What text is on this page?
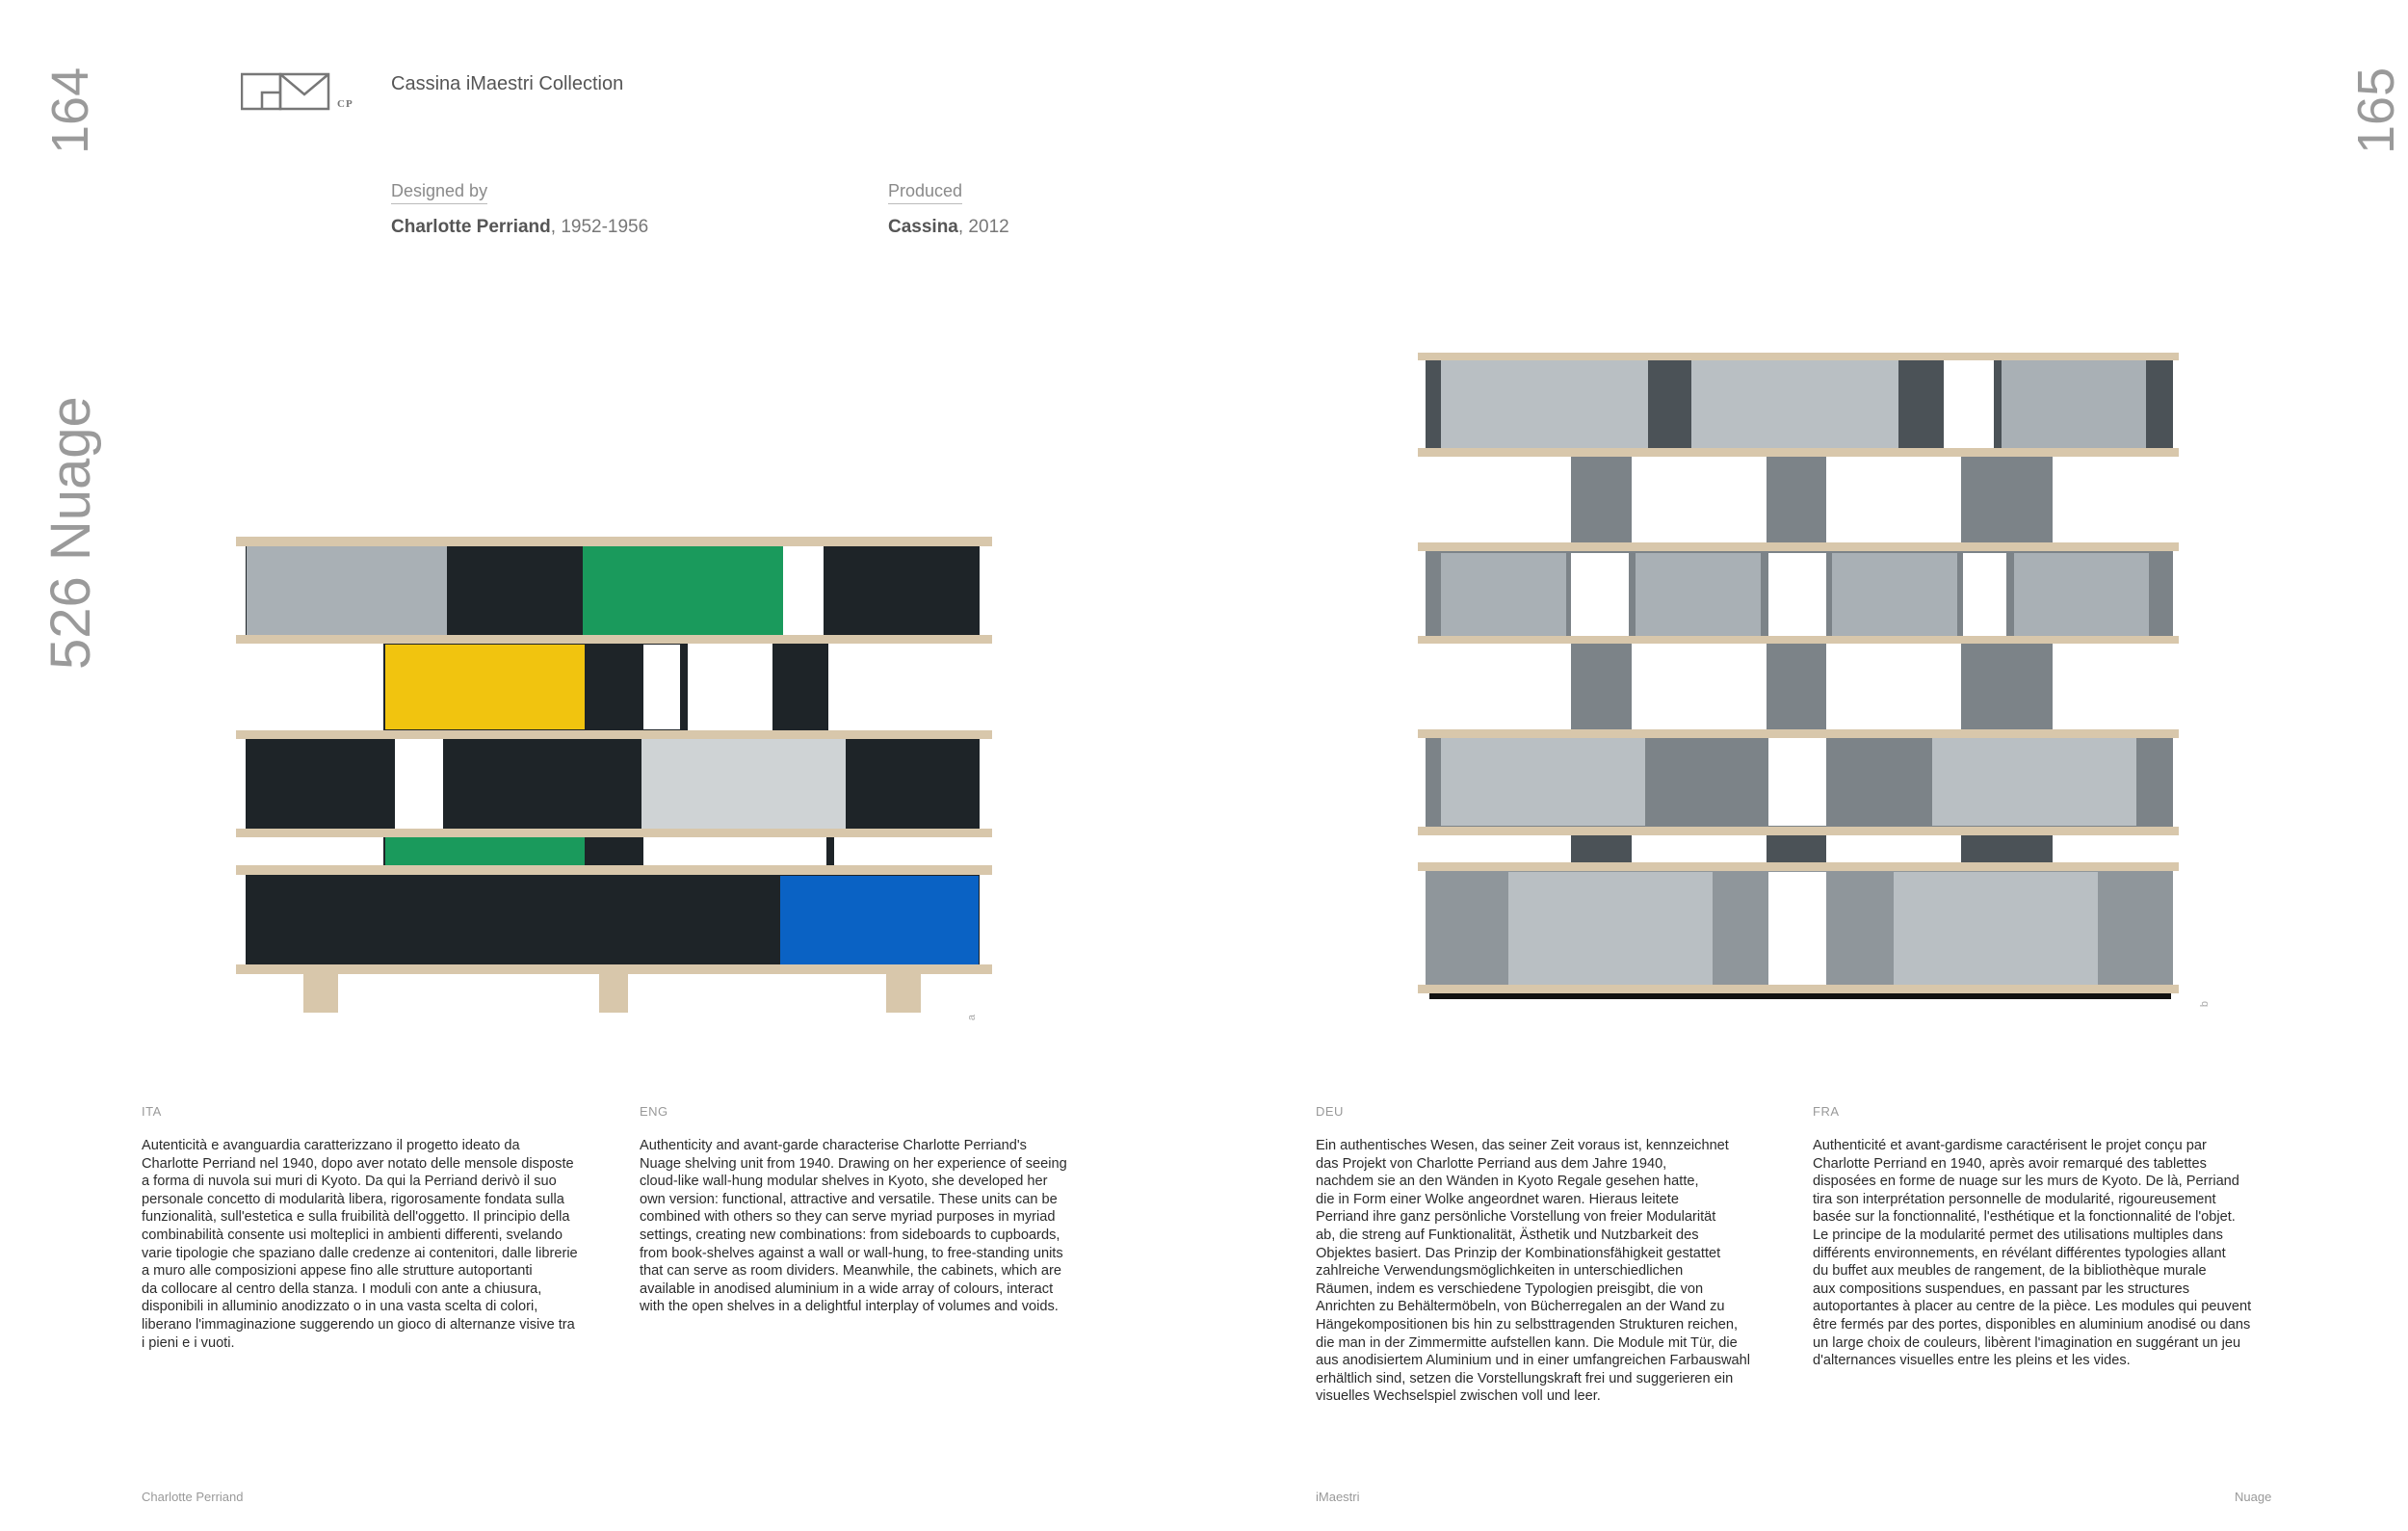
164	165
526 Nuage
CP
Cassina iMaestri Collection
Designed by
Charlotte Perriand, 1952-1956
Produced
Cassina, 2012
a
b
ITA
Autenticità e avanguardia caratterizzano il progetto ideato da
Charlotte Perriand nel 1940, dopo aver notato delle mensole disposte
a forma di nuvola sui muri di Kyoto. Da qui la Perriand derivò il suo
personale concetto di modularità libera, rigorosamente fondata sulla
funzionalità, sull'estetica e sulla fruibilità dell'oggetto. Il principio della
combinabilità consente usi molteplici in ambienti differenti, svelando
varie tipologie che spaziano dalle credenze ai contenitori, dalle librerie
a muro alle composizioni appese fino alle strutture autoportanti
da collocare al centro della stanza. I moduli con ante a chiusura,
disponibili in alluminio anodizzato o in una vasta scelta di colori,
liberano l'immaginazione suggerendo un gioco di alternanze visive tra
i pieni e i vuoti.
ENG
Authenticity and avant-garde characterise Charlotte Perriand's
Nuage shelving unit from 1940. Drawing on her experience of seeing
cloud-like wall-hung modular shelves in Kyoto, she developed her
own version: functional, attractive and versatile. These units can be
combined with others so they can serve myriad purposes in myriad
settings, creating new combinations: from sideboards to cupboards,
from book-shelves against a wall or wall-hung, to free-standing units
that can serve as room dividers. Meanwhile, the cabinets, which are
available in anodised aluminium in a wide array of colours, interact
with the open shelves in a delightful interplay of volumes and voids.
DEU
Ein authentisches Wesen, das seiner Zeit voraus ist, kennzeichnet
das Projekt von Charlotte Perriand aus dem Jahre 1940,
nachdem sie an den Wänden in Kyoto Regale gesehen hatte,
die in Form einer Wolke angeordnet waren. Hieraus leitete
Perriand ihre ganz persönliche Vorstellung von freier Modularität
ab, die streng auf Funktionalität, Ästhetik und Nutzbarkeit des
Objektes basiert. Das Prinzip der Kombinationsfähigkeit gestattet
zahlreiche Verwendungsmöglichkeiten in unterschiedlichen
Räumen, indem es verschiedene Typologien preisgibt, die von
Anrichten zu Behältermöbeln, von Bücherregalen an der Wand zu
Hängekompositionen bis hin zu selbsttragenden Strukturen reichen,
die man in der Zimmermitte aufstellen kann. Die Module mit Tür, die
aus anodisiertem Aluminium und in einer umfangreichen Farbauswahl
erhältlich sind, setzen die Vorstellungskraft frei und suggerieren ein
visuelles Wechselspiel zwischen voll und leer.
FRA
Authenticité et avant-gardisme caractérisent le projet conçu par
Charlotte Perriand en 1940, après avoir remarqué des tablettes
disposées en forme de nuage sur les murs de Kyoto. De là, Perriand
tira son interprétation personnelle de modularité, rigoureusement
basée sur la fonctionnalité, l'esthétique et la fonctionnalité de l'objet.
Le principe de la modularité permet des utilisations multiples dans
différents environnements, en révélant différentes typologies allant
du buffet aux meubles de rangement, de la bibliothèque murale
aux compositions suspendues, en passant par les structures
autoportantes à placer au centre de la pièce. Les modules qui peuvent
être fermés par des portes, disponibles en aluminium anodisé ou dans
un large choix de couleurs, libèrent l'imagination en suggérant un jeu
d'alternances visuelles entre les pleins et les vides.
Charlotte Perriand	iMaestri	Nuage
